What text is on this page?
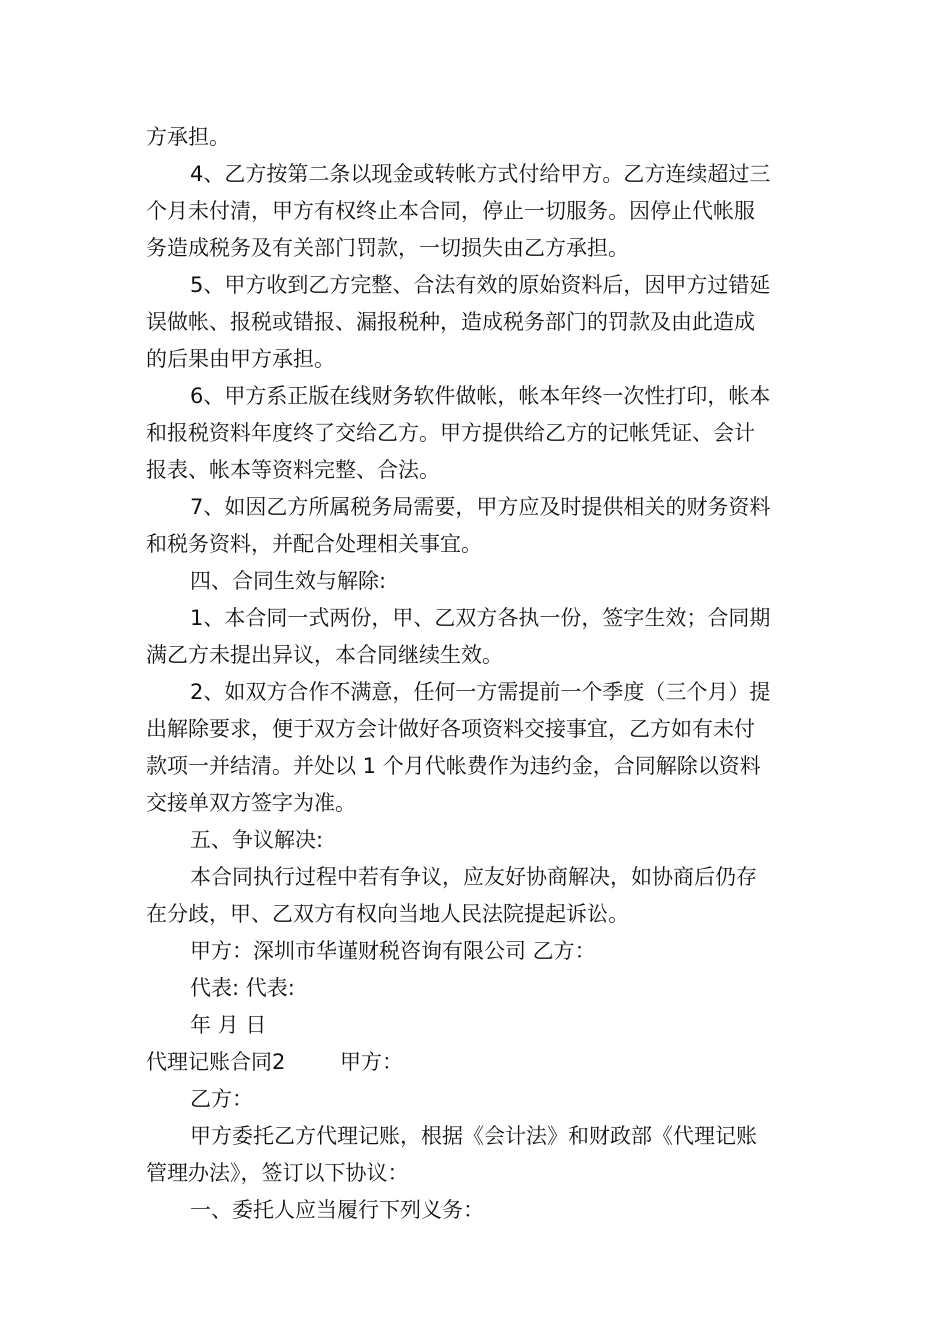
方承担。
4、乙方按第二条以现金或转帐方式付给甲方。乙方连续超过三
个月未付清，甲方有权终止本合同，停止一切服务。因停止代帐服
务造成税务及有关部门罚款，一切损失由乙方承担。
5、甲方收到乙方完整、合法有效的原始资料后，因甲方过错延
误做帐、报税或错报、漏报税种，造成税务部门的罚款及由此造成
的后果由甲方承担。
6、甲方系正版在线财务软件做帐，帐本年终一次性打印，帐本
和报税资料年度终了交给乙方。甲方提供给乙方的记帐凭证、会计
报表、帐本等资料完整、合法。
7、如因乙方所属税务局需要，甲方应及时提供相关的财务资料
和税务资料，并配合处理相关事宜。
四、合同生效与解除:
1、本合同一式两份，甲、乙双方各执一份，签字生效；合同期
满乙方未提出异议，本合同继续生效。
2、如双方合作不满意，任何一方需提前一个季度（三个月）提
出解除要求，便于双方会计做好各项资料交接事宜，乙方如有未付
款项一并结清。并处以 1 个月代帐费作为违约金，合同解除以资料
交接单双方签字为准。
五、争议解决:
本合同执行过程中若有争议，应友好协商解决，如协商后仍存
在分歧，甲、乙双方有权向当地人民法院提起诉讼。
甲方：深圳市华谨财税咨询有限公司 乙方：
代表: 代表:
年 月 日
代理记账合同2	甲方：
乙方：
甲方委托乙方代理记账，根据《会计法》和财政部《代理记账
管理办法》，签订以下协议：
一、委托人应当履行下列义务：
